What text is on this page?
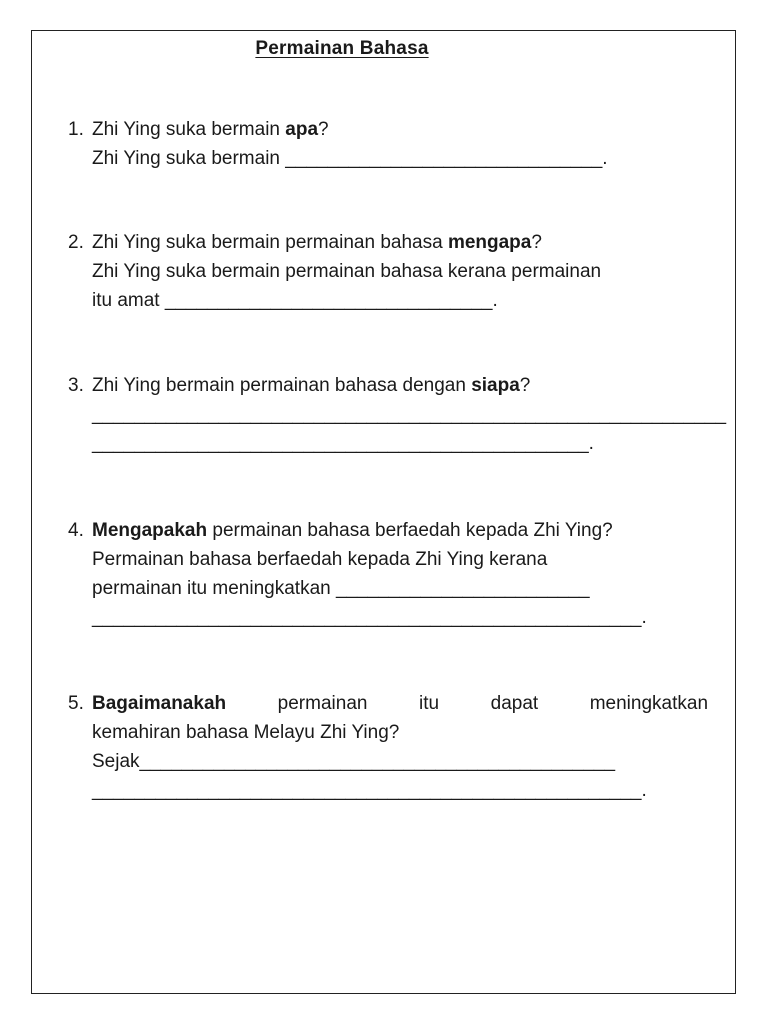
Permainan Bahasa
1. Zhi Ying suka bermain apa?
Zhi Ying suka bermain ______________________________.
2. Zhi Ying suka bermain permainan bahasa mengapa?
Zhi Ying suka bermain permainan bahasa kerana permainan
itu amat _______________________________.
3. Zhi Ying bermain permainan bahasa dengan siapa?
____________________________________________________________
_______________________________________________.
4. Mengapakah permainan bahasa berfaedah kepada Zhi Ying?
Permainan bahasa berfaedah kepada Zhi Ying kerana
permainan itu meningkatkan ________________________
____________________________________________________.
5. Bagaimanakah	permainan	itu	dapat	meningkatkan
kemahiran bahasa Melayu Zhi Ying?
Sejak_____________________________________________
____________________________________________________.
